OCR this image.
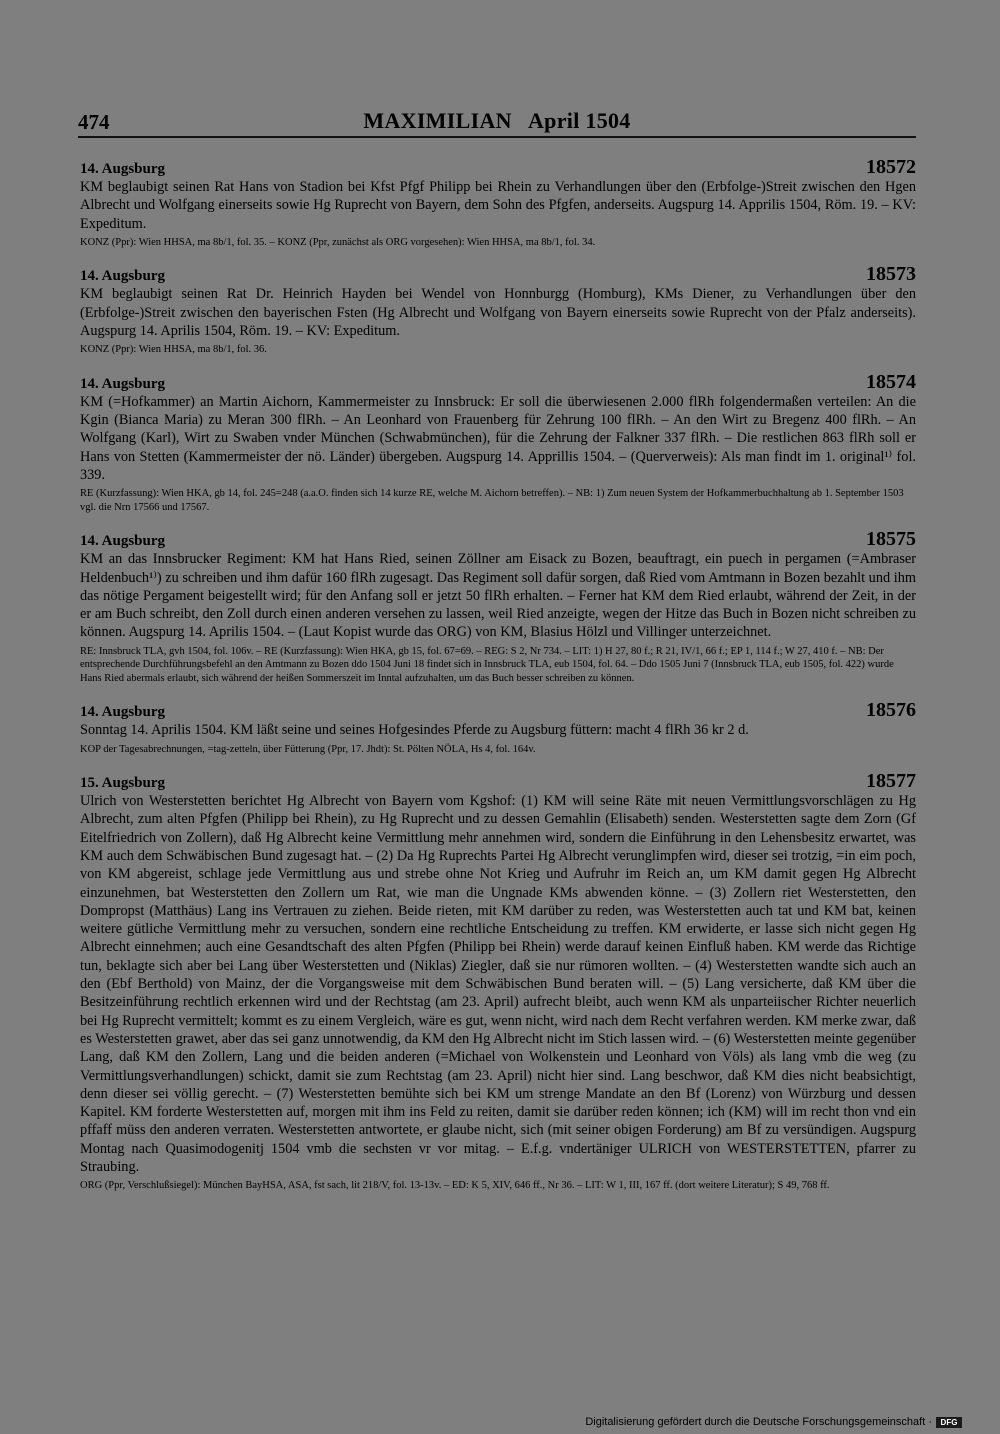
474	MAXIMILIAN   April 1504
14. Augsburg	18572
KM beglaubigt seinen Rat Hans von Stadion bei Kfst Pfgf Philipp bei Rhein zu Verhandlungen über den (Erbfolge-)Streit zwischen den Hgen Albrecht und Wolfgang einerseits sowie Hg Ruprecht von Bayern, dem Sohn des Pfgfen, anderseits. Augspurg 14. Apprilis 1504, Röm. 19. – KV: Expeditum.
KONZ (Ppr): Wien HHSA, ma 8b/1, fol. 35. – KONZ (Ppr, zunächst als ORG vorgesehen): Wien HHSA, ma 8b/1, fol. 34.
14. Augsburg	18573
KM beglaubigt seinen Rat Dr. Heinrich Hayden bei Wendel von Honnburgg (Homburg), KMs Diener, zu Verhandlungen über den (Erbfolge-)Streit zwischen den bayerischen Fsten (Hg Albrecht und Wolfgang von Bayern einerseits sowie Ruprecht von der Pfalz anderseits). Augspurg 14. Aprilis 1504, Röm. 19. – KV: Expeditum.
KONZ (Ppr): Wien HHSA, ma 8b/1, fol. 36.
14. Augsburg	18574
KM (=Hofkammer) an Martin Aichorn, Kammermeister zu Innsbruck: Er soll die überwiesenen 2.000 flRh folgendermaßen verteilen: An die Kgin (Bianca Maria) zu Meran 300 flRh. – An Leonhard von Frauenberg für Zehrung 100 flRh. – An den Wirt zu Bregenz 400 flRh. – An Wolfgang (Karl), Wirt zu Swaben vnder München (Schwabmünchen), für die Zehrung der Falkner 337 flRh. – Die restlichen 863 flRh soll er Hans von Stetten (Kammermeister der nö. Länder) übergeben. Augspurg 14. Apprillis 1504. – (Querverweis): Als man findt im 1. original¹⁾ fol. 339.
RE (Kurzfassung): Wien HKA, gb 14, fol. 245=248 (a.a.O. finden sich 14 kurze RE, welche M. Aichorn betreffen). – NB: 1) Zum neuen System der Hofkammerbuchhaltung ab 1. September 1503 vgl. die Nrn 17566 und 17567.
14. Augsburg	18575
KM an das Innsbrucker Regiment: KM hat Hans Ried, seinen Zöllner am Eisack zu Bozen, beauftragt, ein puech in pergamen (=Ambraser Heldenbuch¹⁾) zu schreiben und ihm dafür 160 flRh zugesagt. Das Regiment soll dafür sorgen, daß Ried vom Amtmann in Bozen bezahlt und ihm das nötige Pergament beigestellt wird; für den Anfang soll er jetzt 50 flRh erhalten. – Ferner hat KM dem Ried erlaubt, während der Zeit, in der er am Buch schreibt, den Zoll durch einen anderen versehen zu lassen, weil Ried anzeigte, wegen der Hitze das Buch in Bozen nicht schreiben zu können. Augspurg 14. Aprilis 1504. – (Laut Kopist wurde das ORG) von KM, Blasius Hölzl und Villinger unterzeichnet.
RE: Innsbruck TLA, gvh 1504, fol. 106v. – RE (Kurzfassung): Wien HKA, gb 15, fol. 67=69. – REG: S 2, Nr 734. – LIT: 1) H 27, 80 f.; R 21, IV/1, 66 f.; EP 1, 114 f.; W 27, 410 f. – NB: Der entsprechende Durchführungsbefehl an den Amtmann zu Bozen ddo 1504 Juni 18 findet sich in Innsbruck TLA, eub 1504, fol. 64. – Ddo 1505 Juni 7 (Innsbruck TLA, eub 1505, fol. 422) wurde Hans Ried abermals erlaubt, sich während der heißen Sommerszeit im Inntal aufzuhalten, um das Buch besser schreiben zu können.
14. Augsburg	18576
Sonntag 14. Aprilis 1504. KM läßt seine und seines Hofgesindes Pferde zu Augsburg füttern: macht 4 flRh 36 kr 2 d.
KOP der Tagesabrechnungen, =tag-zetteln, über Fütterung (Ppr, 17. Jhdt): St. Pölten NÖLA, Hs 4, fol. 164v.
15. Augsburg	18577
Ulrich von Westerstetten berichtet Hg Albrecht von Bayern vom Kgshof: (1) KM will seine Räte mit neuen Vermittlungsvorschlägen zu Hg Albrecht, zum alten Pfgfen (Philipp bei Rhein), zu Hg Ruprecht und zu dessen Gemahlin (Elisabeth) senden. Westerstetten sagte dem Zorn (Gf Eitelfriedrich von Zollern), daß Hg Albrecht keine Vermittlung mehr annehmen wird, sondern die Einführung in den Lehensbesitz erwartet, was KM auch dem Schwäbischen Bund zugesagt hat. – (2) Da Hg Ruprechts Partei Hg Albrecht verunglimpfen wird, dieser sei trotzig, =in eim poch, von KM abgereist, schlage jede Vermittlung aus und strebe ohne Not Krieg und Aufruhr im Reich an, um KM damit gegen Hg Albrecht einzunehmen, bat Westerstetten den Zollern um Rat, wie man die Ungnade KMs abwenden könne. – (3) Zollern riet Westerstetten, den Dompropst (Matthäus) Lang ins Vertrauen zu ziehen. Beide rieten, mit KM darüber zu reden, was Westerstetten auch tat und KM bat, keinen weitere gütliche Vermittlung mehr zu versuchen, sondern eine rechtliche Entscheidung zu treffen. KM erwiderte, er lasse sich nicht gegen Hg Albrecht einnehmen; auch eine Gesandtschaft des alten Pfgfen (Philipp bei Rhein) werde darauf keinen Einfluß haben. KM werde das Richtige tun, beklagte sich aber bei Lang über Westerstetten und (Niklas) Ziegler, daß sie nur rümoren wollten. – (4) Westerstetten wandte sich auch an den (Ebf Berthold) von Mainz, der die Vorgangsweise mit dem Schwäbischen Bund beraten will. – (5) Lang versicherte, daß KM über die Besitzeinführung rechtlich erkennen wird und der Rechtstag (am 23. April) aufrecht bleibt, auch wenn KM als unparteiischer Richter neuerlich bei Hg Ruprecht vermittelt; kommt es zu einem Vergleich, wäre es gut, wenn nicht, wird nach dem Recht verfahren werden. KM merke zwar, daß es Westerstetten grawet, aber das sei ganz unnotwendig, da KM den Hg Albrecht nicht im Stich lassen wird. – (6) Westerstetten meinte gegenüber Lang, daß KM den Zollern, Lang und die beiden anderen (=Michael von Wolkenstein und Leonhard von Völs) als lang vmb die weg (zu Vermittlungsverhandlungen) schickt, damit sie zum Rechtstag (am 23. April) nicht hier sind. Lang beschwor, daß KM dies nicht beabsichtigt, denn dieser sei völlig gerecht. – (7) Westerstetten bemühte sich bei KM um strenge Mandate an den Bf (Lorenz) von Würzburg und dessen Kapitel. KM forderte Westerstetten auf, morgen mit ihm ins Feld zu reiten, damit sie darüber reden können; ich (KM) will im recht thon vnd ein pffaff müss den anderen verraten. Westerstetten antwortete, er glaube nicht, sich (mit seiner obigen Forderung) am Bf zu versündigen. Augspurg Montag nach Quasimodogenitj 1504 vmb die sechsten vr vor mitag. – E.f.g. vndertäniger ULRICH von WESTERSTETTEN, pfarrer zu Straubing.
ORG (Ppr, Verschlußsiegel): München BayHSA, ASA, fst sach, lit 218/V, fol. 13-13v. – ED: K 5, XIV, 646 ff., Nr 36. – LIT: W 1, III, 167 ff. (dort weitere Literatur); S 49, 768 ff.
Digitalisierung gefördert durch die Deutsche Forschungsgemeinschaft ·	DFG
